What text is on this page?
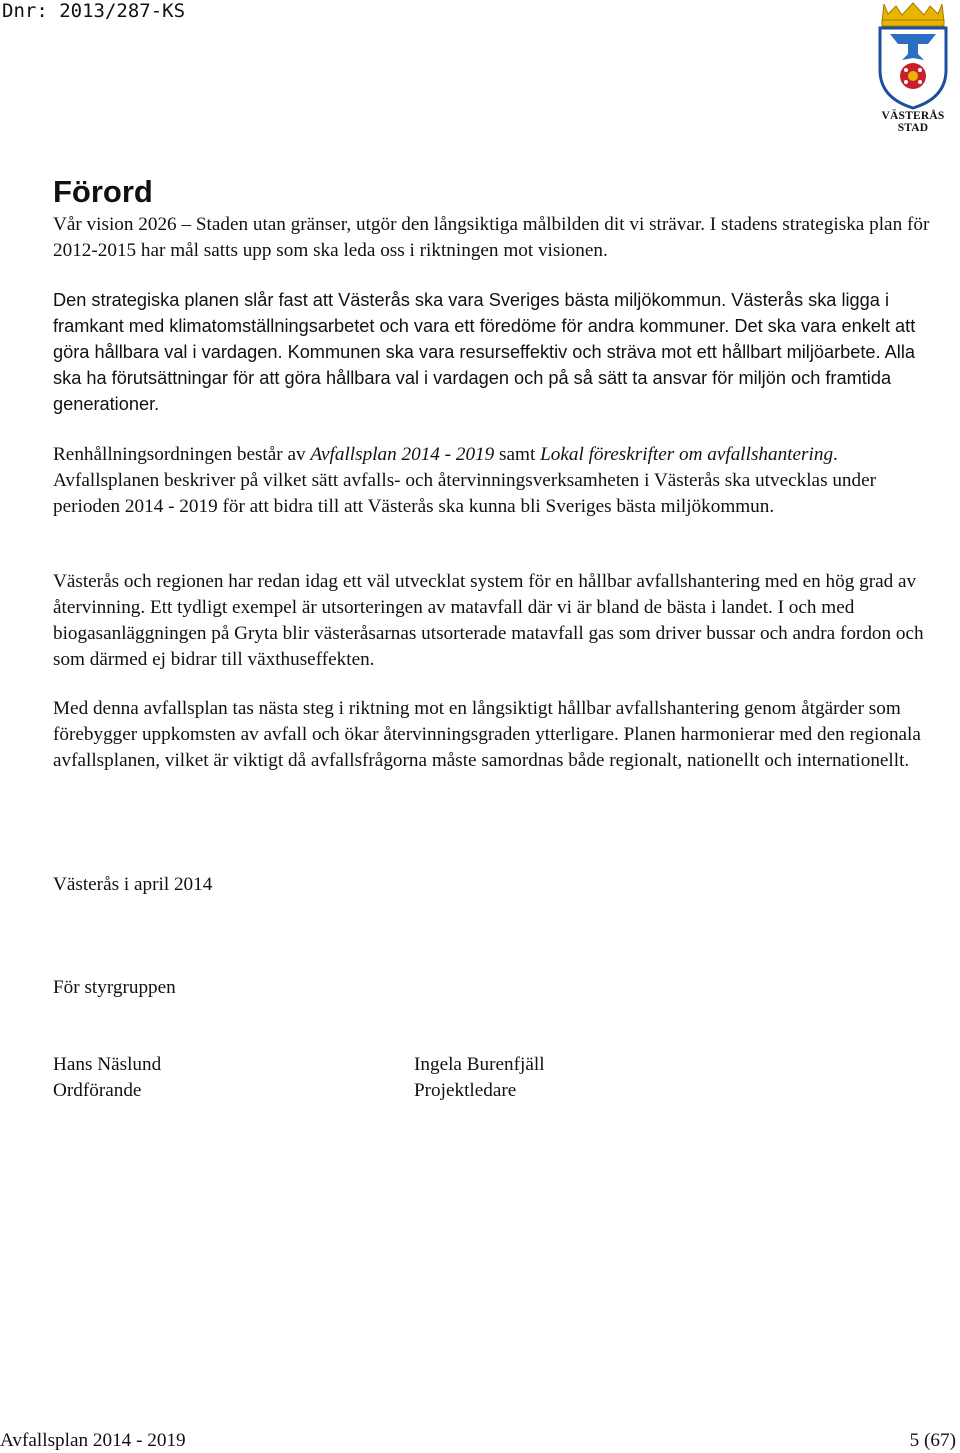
Dnr: 2013/287-KS
VÄSTERÅS STAD
Förord

Vår vision 2026 – Staden utan gränser, utgör den långsiktiga målbilden dit vi strävar. I stadens strategiska plan för 2012-2015 har mål satts upp som ska leda oss i riktningen mot visionen.

Den strategiska planen slår fast att Västerås ska vara Sveriges bästa miljökommun. Västerås ska ligga i framkant med klimatomställningsarbetet och vara ett föredöme för andra kommuner. Det ska vara enkelt att göra hållbara val i vardagen. Kommunen ska vara resurseffektiv och sträva mot ett hållbart miljöarbete. Alla ska ha förutsättningar för att göra hållbara val i vardagen och på så sätt ta ansvar för miljön och framtida generationer.

Renhållningsordningen består av Avfallsplan 2014 - 2019 samt Lokal föreskrifter om avfallshantering. Avfallsplanen beskriver på vilket sätt avfalls- och återvinningsverksamheten i Västerås ska utvecklas under perioden 2014 - 2019 för att bidra till att Västerås ska kunna bli Sveriges bästa miljökommun.

Västerås och regionen har redan idag ett väl utvecklat system för en hållbar avfallshantering med en hög grad av återvinning. Ett tydligt exempel är utsorteringen av matavfall där vi är bland de bästa i landet. I och med biogasanläggningen på Gryta blir västeråsarnas utsorterade matavfall gas som driver bussar och andra fordon och som därmed ej bidrar till växthuseffekten.

Med denna avfallsplan tas nästa steg i riktning mot en långsiktigt hållbar avfallshantering genom åtgärder som förebygger uppkomsten av avfall och ökar återvinningsgraden ytterligare. Planen harmonierar med den regionala avfallsplanen, vilket är viktigt då avfallsfrågorna måste samordnas både regionalt, nationellt och internationellt.

Västerås i april 2014
För styrgruppen
Hans Näslund
Ordförande
Ingela Burenfjäll
Projektledare
Avfallsplan 2014 - 2019	5 (67)
